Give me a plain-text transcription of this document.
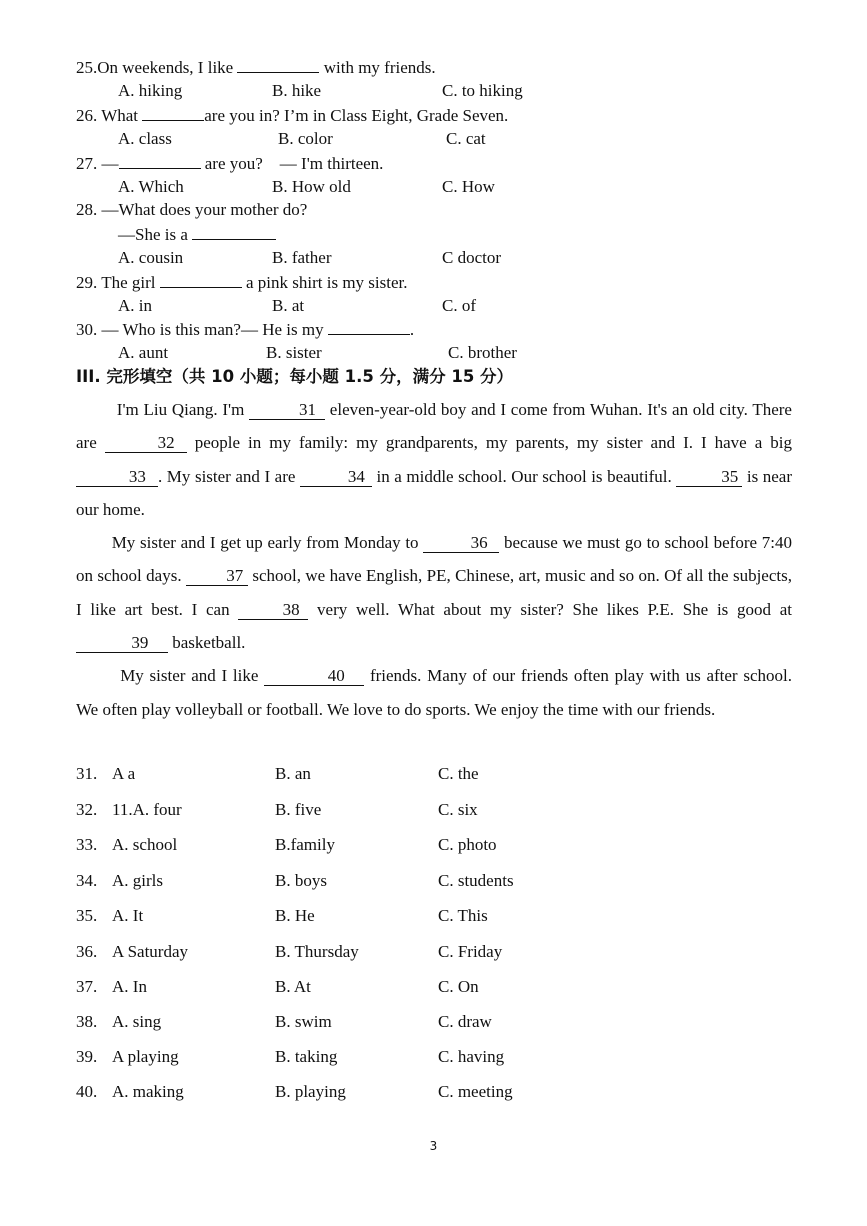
25.On weekends, I like	with my friends.
A. hiking	B. hike	C. to hiking
26. What	are you in? I’m in Class Eight, Grade Seven.
A. class	B. color	C. cat
27. —	are you?　— I'm thirteen.
A. Which	B. How old	C. How
28. —What does your mother do?
—She is a
A. cousin	B. father	C doctor
29. The girl	a pink shirt is my sister.
A. in	B. at	C. of
30. — Who is this man?— He is my	.
A. aunt	B. sister	C. brother
III. 完形填空（共 10 小题；每小题 1.5 分，满分 15 分）

I'm Liu Qiang. I'm	31 eleven-year-old boy and I come from Wuhan. It's an old city. There are	32 people in my family: my grandparents, my parents, my sister and I. I have a big 33 . My sister and I are	34 in a middle school. Our school is beautiful.	35 is near our home.

My sister and I get up early from Monday to	36 because we must go to school before 7:40 on school days. 37 school, we have English, PE, Chinese, art, music and so on. Of all the subjects, I like art best. I can	38 very well. What about my sister? She likes P.E. She is good at 39 basketball.

My sister and I like	40 friends. Many of our friends often play with us after school. We often play volleyball or football. We love to do sports. We enjoy the time with our friends.

31. A a	B. an	C. the
32. 11.A. four	B. five	C. six
33. A. school	B.family	C. photo
34. A. girls	B. boys	C. students
35. A. It	B. He	C. This
36. A Saturday	B. Thursday	C. Friday
37. A. In	B. At	C. On
38. A. sing	B. swim	C. draw
39. A playing	B. taking	C. having
40. A. making	B. playing	C. meeting
3
